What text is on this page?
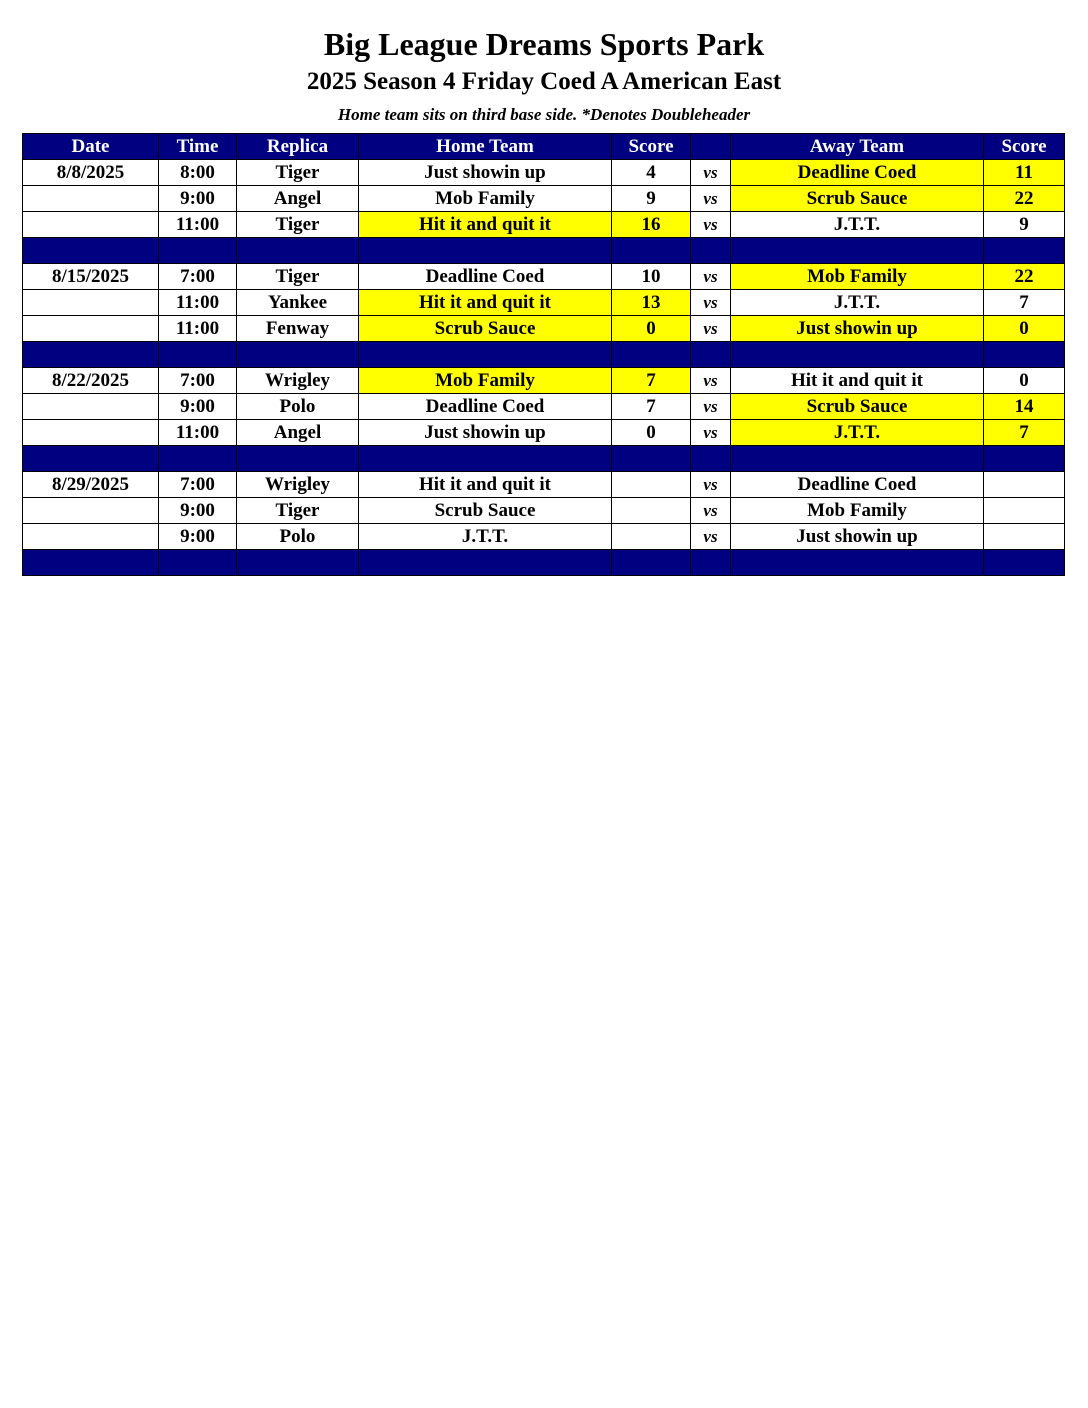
Big League Dreams Sports Park
2025 Season 4 Friday Coed A American East
Home team sits on third base side. *Denotes Doubleheader
Date	Time	Replica	Home Team	Score		Away Team	Score
8/8/2025	8:00	Tiger	Just showin up	4	vs	Deadline Coed	11
	9:00	Angel	Mob Family	9	vs	Scrub Sauce	22
	11:00	Tiger	Hit it and quit it	16	vs	J.T.T.	9

8/15/2025	7:00	Tiger	Deadline Coed	10	vs	Mob Family	22
	11:00	Yankee	Hit it and quit it	13	vs	J.T.T.	7
	11:00	Fenway	Scrub Sauce	0	vs	Just showin up	0

8/22/2025	7:00	Wrigley	Mob Family	7	vs	Hit it and quit it	0
	9:00	Polo	Deadline Coed	7	vs	Scrub Sauce	14
	11:00	Angel	Just showin up	0	vs	J.T.T.	7

8/29/2025	7:00	Wrigley	Hit it and quit it		vs	Deadline Coed	
	9:00	Tiger	Scrub Sauce		vs	Mob Family	
	9:00	Polo	J.T.T.		vs	Just showin up	
